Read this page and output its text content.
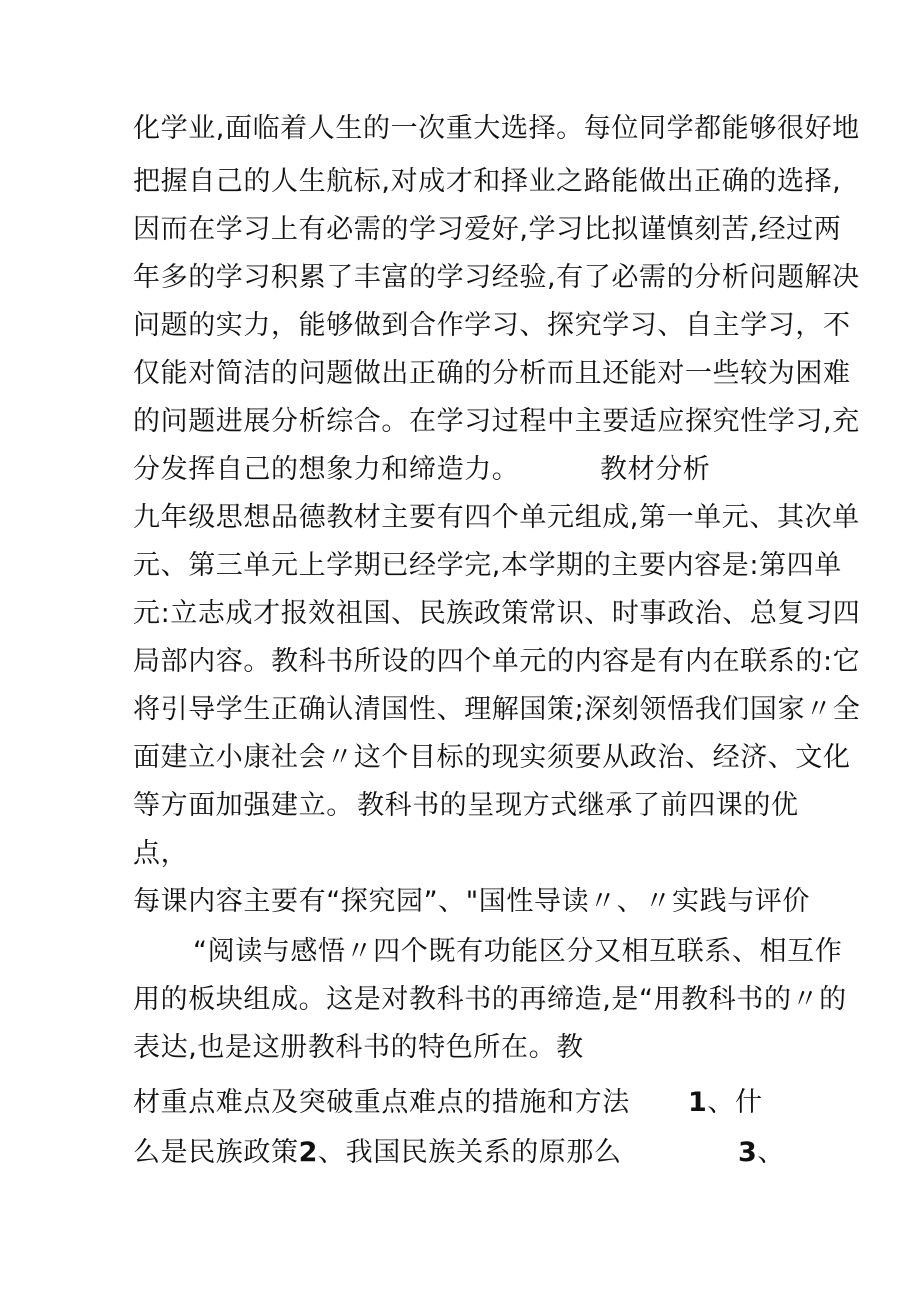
化学业,面临着人生的一次重大选择。每位同学都能够很好地
把握自己的人生航标,对成才和择业之路能做出正确的选择,
因而在学习上有必需的学习爱好,学习比拟谨慎刻苦,经过两
年多的学习积累了丰富的学习经验,有了必需的分析问题解决
问题的实力，能够做到合作学习、探究学习、自主学习，不
仅能对简洁的问题做出正确的分析而且还能对一些较为困难
的问题进展分析综合。在学习过程中主要适应探究性学习,充
分发挥自己的想象力和缔造力。	教材分析
九年级思想品德教材主要有四个单元组成,第一单元、其次单
元、第三单元上学期已经学完,本学期的主要内容是:第四单
元:立志成才报效祖国、民族政策常识、时事政治、总复习四
局部内容。教科书所设的四个单元的内容是有内在联系的:它
将引导学生正确认清国性、理解国策;深刻领悟我们国家〃全
面建立小康社会〃这个目标的现实须要从政治、经济、文化
等方面加强建立。 教科书的呈现方式继承了前四课的优
点，
每课内容主要有“探究园”、"国性导读〃、〃实践与评价
“阅读与感悟〃四个既有功能区分又相互联系、相互作
用的板块组成。这是对教科书的再缔造,是“用教科书的〃的
表达,也是这册教科书的特色所在。教
材重点难点及突破重点难点的措施和方法 1、什
么是民族政策2、我国民族关系的原那么	3、
